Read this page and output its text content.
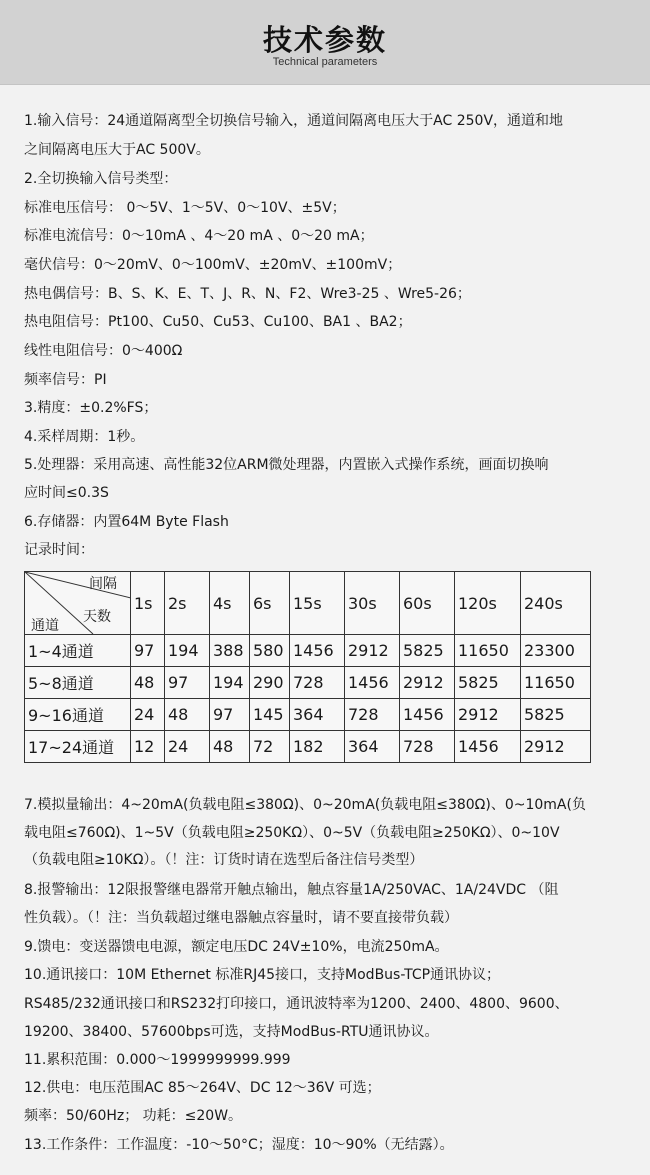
技术参数
Technical parameters
1.输入信号：24通道隔离型全切换信号输入，通道间隔离电压大于AC 250V，通道和地
之间隔离电压大于AC 500V。
2.全切换输入信号类型：
标准电压信号： 0～5V、1～5V、0～10V、±5V；
标准电流信号：0～10mA 、4～20 mA 、0～20 mA；
毫伏信号：0～20mV、0～100mV、±20mV、±100mV；
热电偶信号：B、S、K、E、T、J、R、N、F2、Wre3-25 、Wre5-26；
热电阻信号：Pt100、Cu50、Cu53、Cu100、BA1 、BA2；
线性电阻信号：0～400Ω
频率信号：PI
3.精度：±0.2%FS；
4.采样周期：1秒。
5.处理器：采用高速、高性能32位ARM微处理器，内置嵌入式操作系统，画面切换响
应时间≤0.3S
6.存储器：内置64M Byte Flash
记录时间：
间隔
天数
通道	1s	2s	4s	6s	15s	30s	60s	120s	240s
1~4通道	97	194	388	580	1456	2912	5825	11650	23300
5~8通道	48	97	194	290	728	1456	2912	5825	11650
9~16通道	24	48	97	145	364	728	1456	2912	5825
17~24通道	12	24	48	72	182	364	728	1456	2912
7.模拟量输出：4~20mA(负载电阻≤380Ω)、0~20mA(负载电阻≤380Ω)、0~10mA(负
载电阻≤760Ω)、1~5V（负载电阻≥250KΩ）、0~5V（负载电阻≥250KΩ）、0~10V
（负载电阻≥10KΩ）。（！注：订货时请在选型后备注信号类型）
8.报警输出：12限报警继电器常开触点输出，触点容量1A/250VAC、1A/24VDC （阻
性负载）。（！注：当负载超过继电器触点容量时，请不要直接带负载）
9.馈电：变送器馈电电源，额定电压DC 24V±10%，电流250mA。
10.通讯接口：10M Ethernet 标准RJ45接口，支持ModBus-TCP通讯协议；
RS485/232通讯接口和RS232打印接口，通讯波特率为1200、2400、4800、9600、
19200、38400、57600bps可选，支持ModBus-RTU通讯协议。
11.累积范围：0.000～1999999999.999
12.供电：电压范围AC 85～264V、DC 12～36V 可选；
频率：50/60Hz； 功耗：≤20W。
13.工作条件：工作温度：-10～50°C；湿度：10～90%（无结露）。
